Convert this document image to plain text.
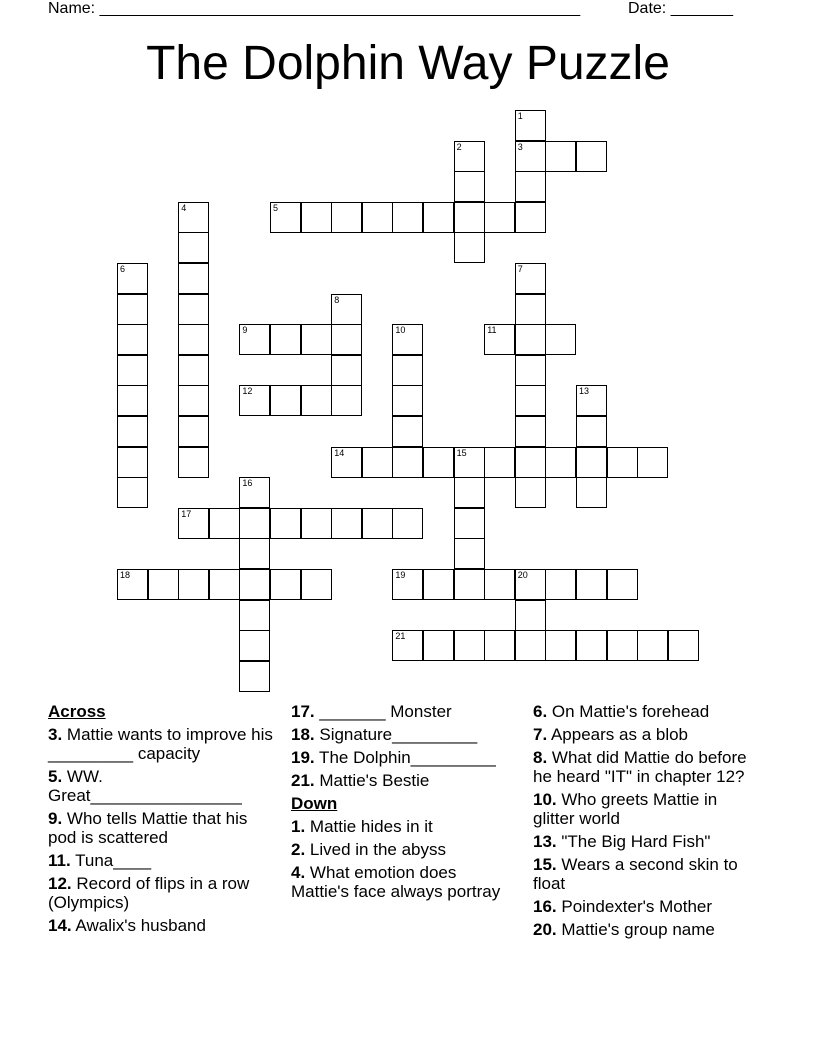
Name: ______________________________________________________	Date: _______
The Dolphin Way Puzzle
1
3
2
4	5
6	7
8
9	10	11
12	13
14	15
16
17
18	19	20
21
Across
3. Mattie wants to improve his _________ capacity
5. WW. Great________________
9. Who tells Mattie that his pod is scattered
11. Tuna____
12. Record of flips in a row (Olympics)
14. Awalix's husband
17. _______ Monster
18. Signature_________
19. The Dolphin_________
21. Mattie's Bestie
Down
1. Mattie hides in it
2. Lived in the abyss
4. What emotion does Mattie's face always portray
6. On Mattie's forehead
7. Appears as a blob
8. What did Mattie do before he heard "IT" in chapter 12?
10. Who greets Mattie in glitter world
13. "The Big Hard Fish"
15. Wears a second skin to float
16. Poindexter's Mother
20. Mattie's group name
